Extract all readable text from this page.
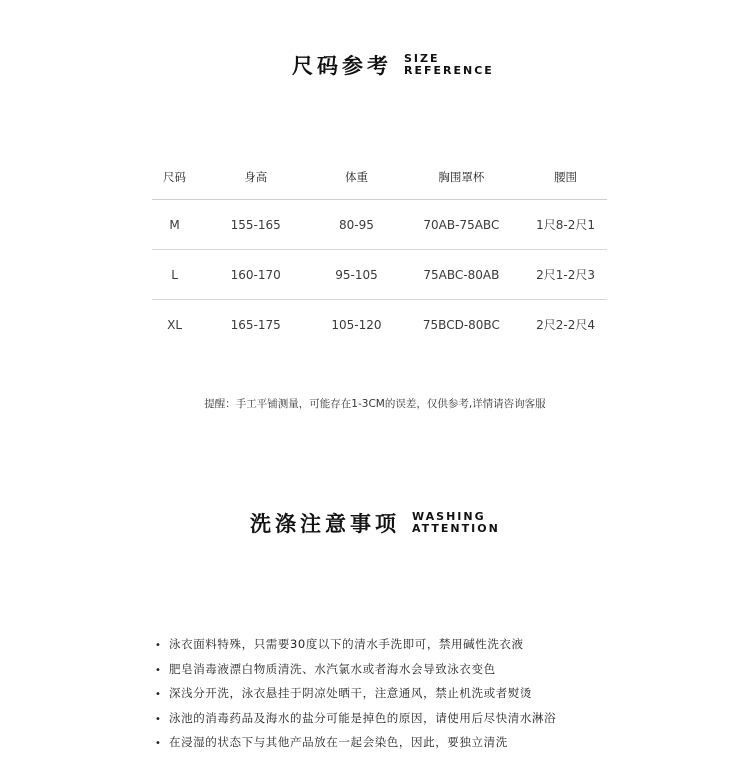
尺码参考 SIZE
REFERENCE
尺码	身高	体重	胸围罩杯	腰围
M	155-165	80-95	70AB-75ABC	1尺8-2尺1
L	160-170	95-105	75ABC-80AB	2尺1-2尺3
XL	165-175	105-120	75BCD-80BC	2尺2-2尺4
提醒：手工平铺测量，可能存在1-3CM的误差，仅供参考,详情请咨询客服
洗涤注意事项 WASHING
ATTENTION
• 泳衣面料特殊，只需要30度以下的清水手洗即可，禁用碱性洗衣液
• 肥皂消毒液漂白物质清洗、水汽氯水或者海水会导致泳衣变色
• 深浅分开洗，泳衣悬挂于阴凉处晒干，注意通风，禁止机洗或者熨烫
• 泳池的消毒药品及海水的盐分可能是掉色的原因，请使用后尽快清水淋浴
• 在浸湿的状态下与其他产品放在一起会染色，因此，要独立清洗
